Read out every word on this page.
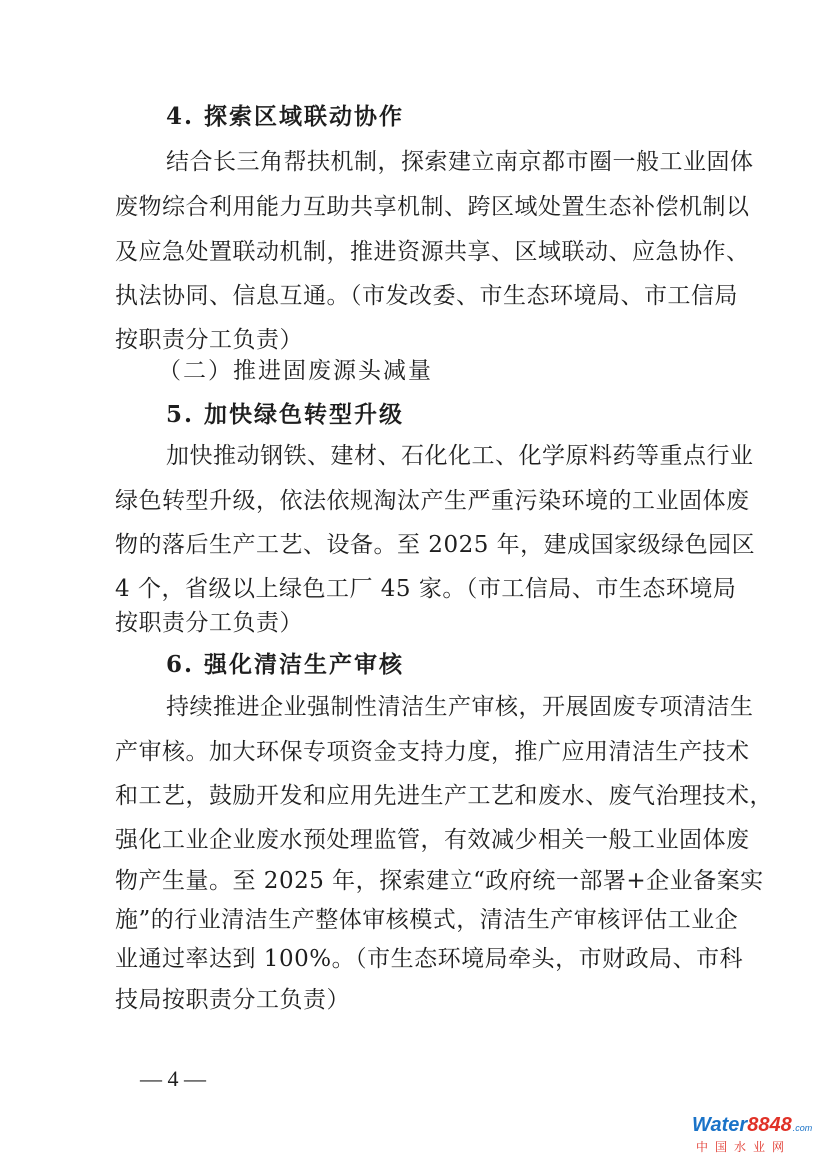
4. 探索区域联动协作
结合长三角帮扶机制，探索建立南京都市圈一般工业固体
废物综合利用能力互助共享机制、跨区域处置生态补偿机制以
及应急处置联动机制，推进资源共享、区域联动、应急协作、
执法协同、信息互通。（市发改委、市生态环境局、市工信局
按职责分工负责）
（二）推进固废源头减量
5. 加快绿色转型升级
加快推动钢铁、建材、石化化工、化学原料药等重点行业
绿色转型升级，依法依规淘汰产生严重污染环境的工业固体废
物的落后生产工艺、设备。至 2025 年，建成国家级绿色园区
4 个，省级以上绿色工厂 45 家。（市工信局、市生态环境局
按职责分工负责）
6. 强化清洁生产审核
持续推进企业强制性清洁生产审核，开展固废专项清洁生
产审核。加大环保专项资金支持力度，推广应用清洁生产技术
和工艺，鼓励开发和应用先进生产工艺和废水、废气治理技术，
强化工业企业废水预处理监管，有效减少相关一般工业固体废
物产生量。至 2025 年，探索建立“政府统一部署+企业备案实
施”的行业清洁生产整体审核模式，清洁生产审核评估工业企
业通过率达到 100%。（市生态环境局牵头，市财政局、市科
技局按职责分工负责）
— 4 —
Water8848.com
中国水业网
